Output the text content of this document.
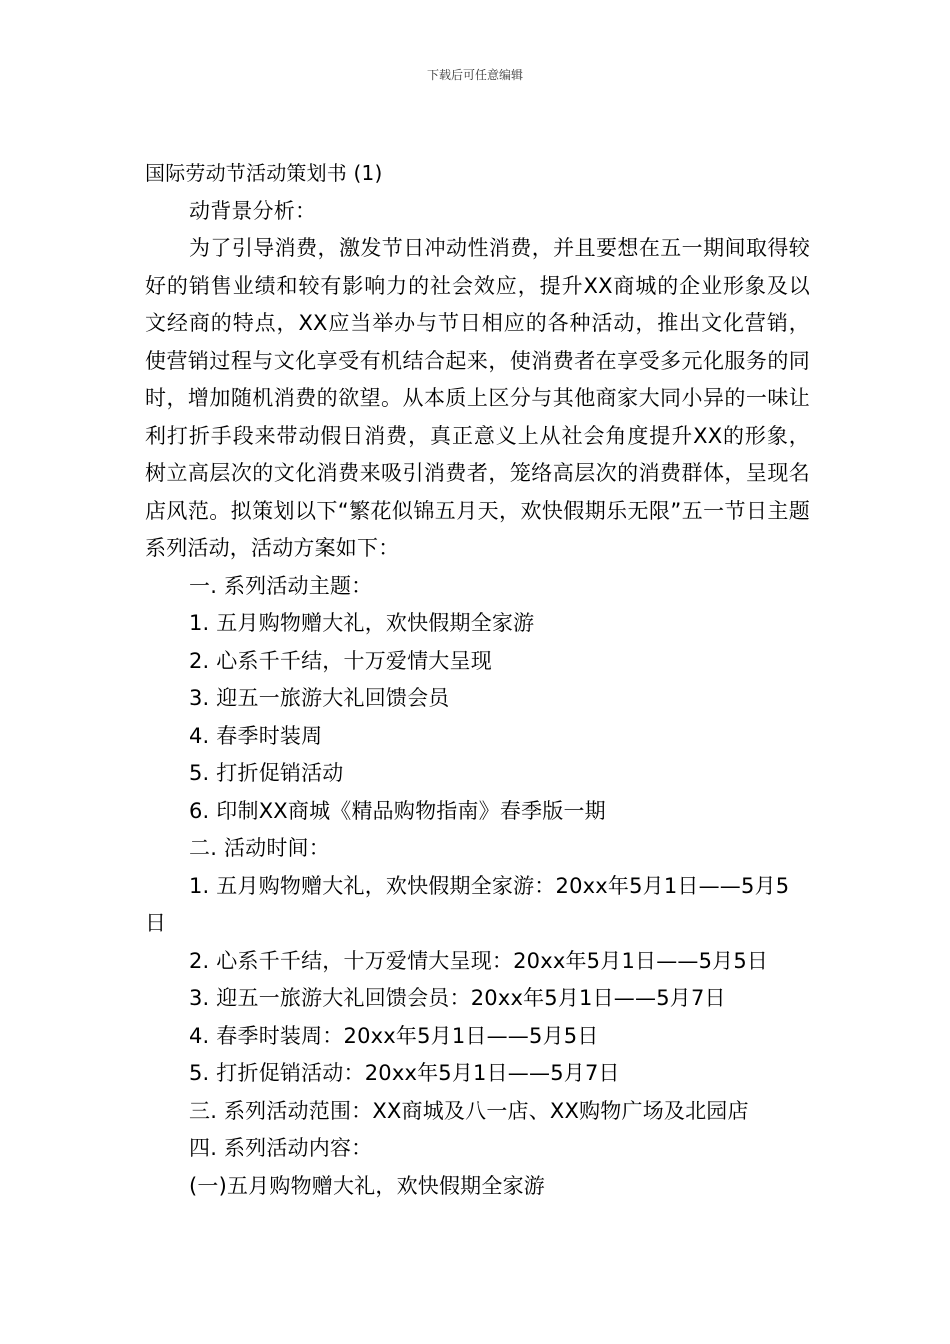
下载后可任意编辑

国际劳动节活动策划书 (1)

动背景分析：

为了引导消费，激发节日冲动性消费，并且要想在五一期间取得较好的销售业绩和较有影响力的社会效应，提升XX商城的企业形象及以文经商的特点，XX应当举办与节日相应的各种活动，推出文化营销，使营销过程与文化享受有机结合起来，使消费者在享受多元化服务的同时，增加随机消费的欲望。从本质上区分与其他商家大同小异的一味让利打折手段来带动假日消费，真正意义上从社会角度提升XX的形象，树立高层次的文化消费来吸引消费者，笼络高层次的消费群体，呈现名店风范。拟策划以下“繁花似锦五月天，欢快假期乐无限”五一节日主题系列活动，活动方案如下：

一. 系列活动主题：

1. 五月购物赠大礼，欢快假期全家游

2. 心系千千结，十万爱情大呈现

3. 迎五一旅游大礼回馈会员

4. 春季时装周

5. 打折促销活动

6. 印制XX商城《精品购物指南》春季版一期

二. 活动时间：

1. 五月购物赠大礼，欢快假期全家游：20xx年5月1日——5月5日

2. 心系千千结，十万爱情大呈现：20xx年5月1日——5月5日

3. 迎五一旅游大礼回馈会员：20xx年5月1日——5月7日

4. 春季时装周：20xx年5月1日——5月5日

5. 打折促销活动：20xx年5月1日——5月7日

三. 系列活动范围：XX商城及八一店、XX购物广场及北园店

四. 系列活动内容：

(一)五月购物赠大礼，欢快假期全家游
